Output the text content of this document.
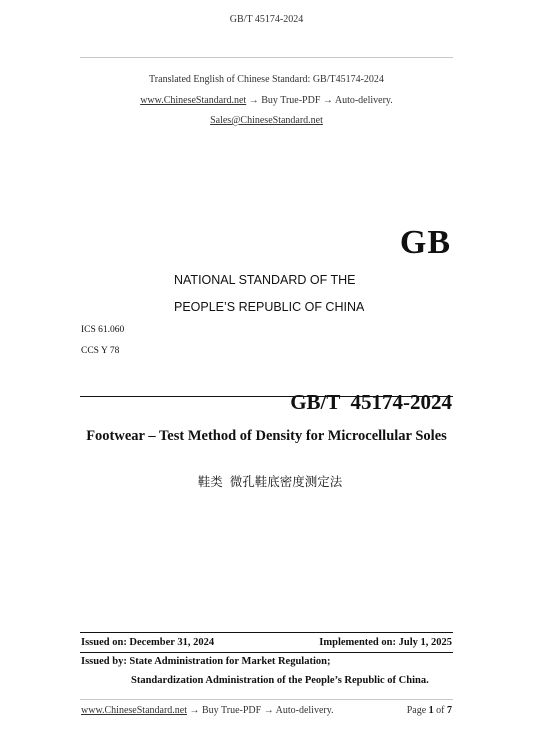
GB/T 45174-2024
Translated English of Chinese Standard: GB/T45174-2024
www.ChineseStandard.net → Buy True-PDF → Auto-delivery.
Sales@ChineseStandard.net
GB
NATIONAL STANDARD OF THE
PEOPLE’S REPUBLIC OF CHINA
ICS 61.060
CCS Y 78

GB/T  45174-2024

Footwear – Test Method of Density for Microcellular Soles

鞋类  微孔鞋底密度测定法

Issued on: December 31, 2024	Implemented on: July 1, 2025
Issued by: State Administration for Market Regulation;
Standardization Administration of the People’s Republic of China.
www.ChineseStandard.net → Buy True-PDF → Auto-delivery.	Page 1 of 7
